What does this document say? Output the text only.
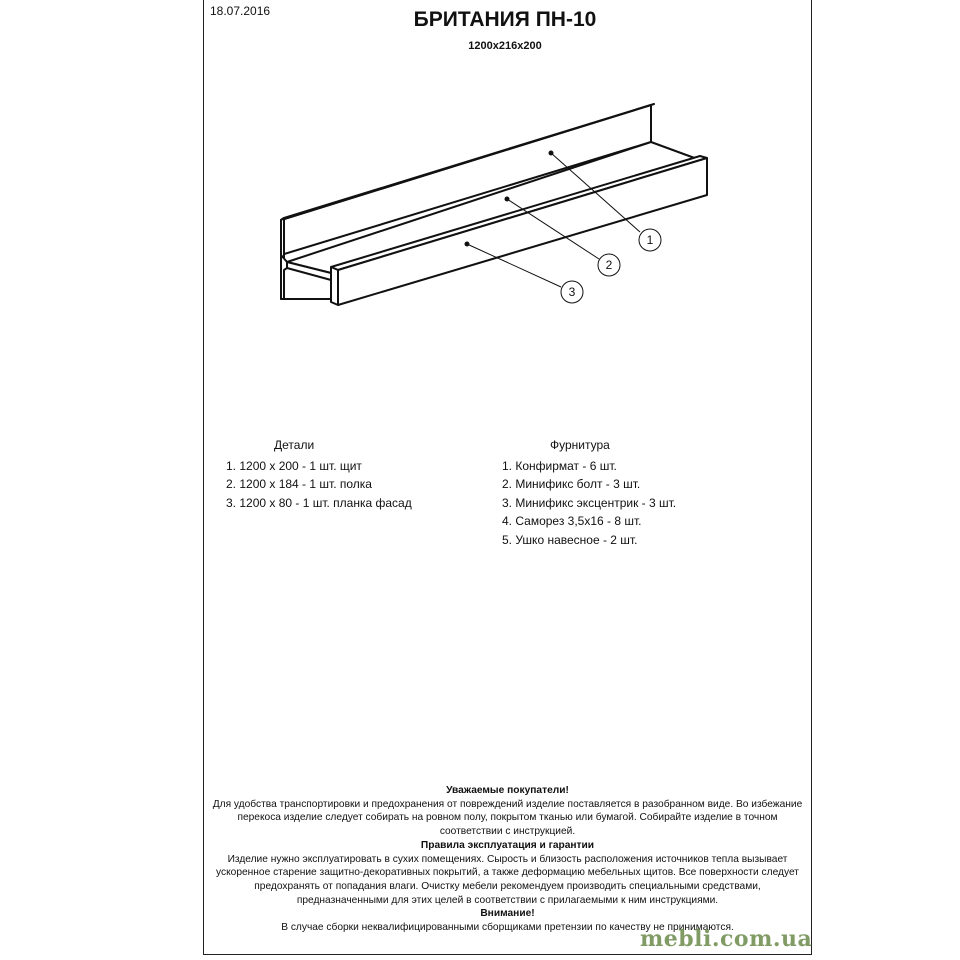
18.07.2016	БРИТАНИЯ ПН-10
1200х216х200
1
2
3
Детали
1. 1200 х 200 - 1 шт. щит
2. 1200 х 184 - 1 шт. полка
3. 1200 х 80 - 1 шт. планка фасад
Фурнитура
1. Конфирмат - 6 шт.
2. Минификс болт - 3 шт.
3. Минификс эксцентрик - 3 шт.
4. Саморез 3,5х16 - 8 шт.
5. Ушко навесное - 2 шт.
Уважаемые покупатели!
Для удобства транспортировки и предохранения от повреждений изделие поставляется в разобранном виде. Во избежание перекоса изделие следует собирать на ровном полу, покрытом тканью или бумагой. Собирайте изделие в точном соответствии с инструкцией.
Правила эксплуатация и гарантии
Изделие нужно эксплуатировать в сухих помещениях. Сырость и близость расположения источников тепла вызывает ускоренное старение защитно-декоративных покрытий, а также деформацию мебельных щитов. Все поверхности следует предохранять от попадания влаги. Очистку мебели рекомендуем производить специальными средствами, предназначенными для этих целей в соответствии с прилагаемыми к ним инструкциями.
Внимание!
В случае сборки неквалифицированными сборщиками претензии по качеству не принимаются.
mebli.com.ua
